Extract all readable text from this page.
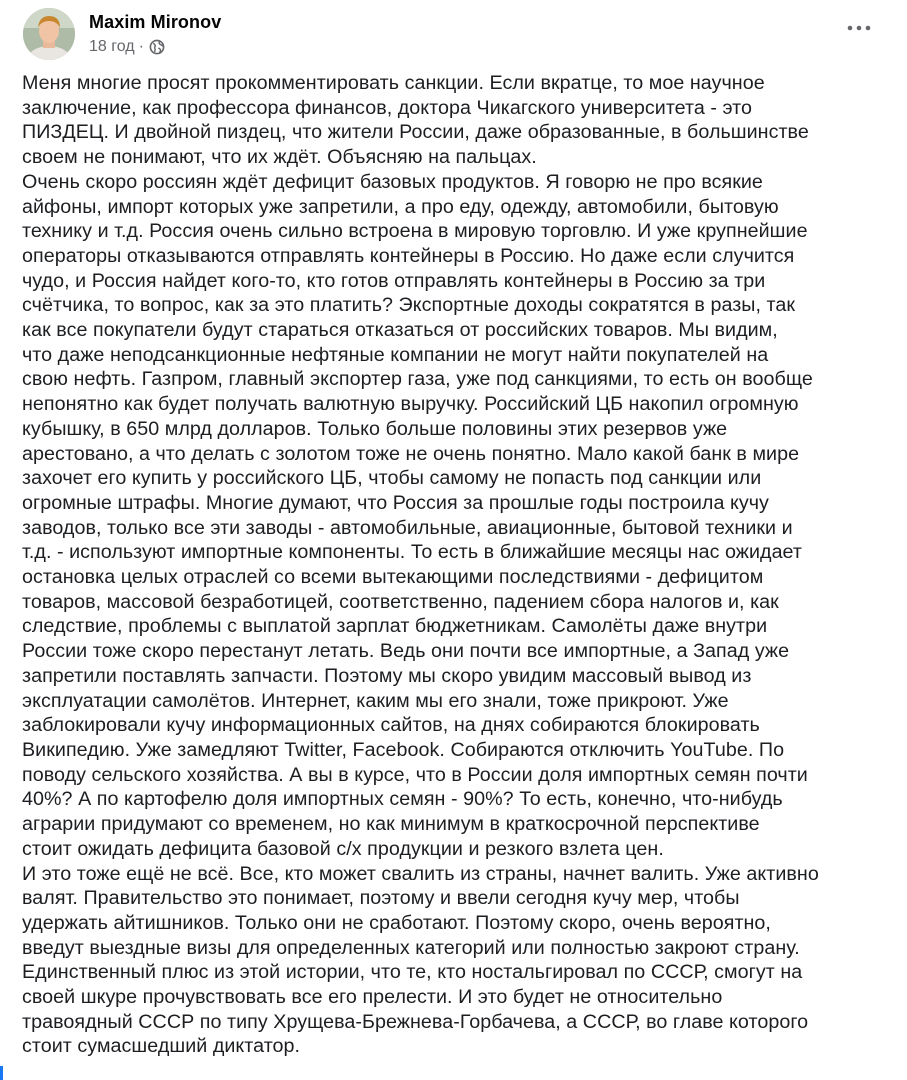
Maxim Mironov
18 год ·
Меня многие просят прокомментировать санкции. Если вкратце, то мое научное
заключение, как профессора финансов, доктора Чикагского университета - это
ПИЗДЕЦ. И двойной пиздец, что жители России, даже образованные, в большинстве
своем не понимают, что их ждёт. Объясняю на пальцах.
Очень скоро россиян ждёт дефицит базовых продуктов. Я говорю не про всякие
айфоны, импорт которых уже запретили, а про еду, одежду, автомобили, бытовую
технику и т.д. Россия очень сильно встроена в мировую торговлю. И уже крупнейшие
операторы отказываются отправлять контейнеры в Россию. Но даже если случится
чудо, и Россия найдет кого-то, кто готов отправлять контейнеры в Россию за три
счётчика, то вопрос, как за это платить? Экспортные доходы сократятся в разы, так
как все покупатели будут стараться отказаться от российских товаров. Мы видим,
что даже неподсанкционные нефтяные компании не могут найти покупателей на
свою нефть. Газпром, главный экспортер газа, уже под санкциями, то есть он вообще
непонятно как будет получать валютную выручку. Российский ЦБ накопил огромную
кубышку, в 650 млрд долларов. Только больше половины этих резервов уже
арестовано, а что делать с золотом тоже не очень понятно. Мало какой банк в мире
захочет его купить у российского ЦБ, чтобы самому не попасть под санкции или
огромные штрафы. Многие думают, что Россия за прошлые годы построила кучу
заводов, только все эти заводы - автомобильные, авиационные, бытовой техники и
т.д. - используют импортные компоненты. То есть в ближайшие месяцы нас ожидает
остановка целых отраслей со всеми вытекающими последствиями - дефицитом
товаров, массовой безработицей, соответственно, падением сбора налогов и, как
следствие, проблемы с выплатой зарплат бюджетникам. Самолёты даже внутри
России тоже скоро перестанут летать. Ведь они почти все импортные, а Запад уже
запретили поставлять запчасти. Поэтому мы скоро увидим массовый вывод из
эксплуатации самолётов. Интернет, каким мы его знали, тоже прикроют. Уже
заблокировали кучу информационных сайтов, на днях собираются блокировать
Википедию. Уже замедляют Twitter, Facebook. Собираются отключить YouTube. По
поводу сельского хозяйства. А вы в курсе, что в России доля импортных семян почти
40%? А по картофелю доля импортных семян - 90%? То есть, конечно, что-нибудь
аграрии придумают со временем, но как минимум в краткосрочной перспективе
стоит ожидать дефицита базовой с/х продукции и резкого взлета цен.
И это тоже ещё не всё. Все, кто может свалить из страны, начнет валить. Уже активно
валят. Правительство это понимает, поэтому и ввели сегодня кучу мер, чтобы
удержать айтишников. Только они не сработают. Поэтому скоро, очень вероятно,
введут выездные визы для определенных категорий или полностью закроют страну.
Единственный плюс из этой истории, что те, кто ностальгировал по СССР, смогут на
своей шкуре прочувствовать все его прелести. И это будет не относительно
травоядный СССР по типу Хрущева-Брежнева-Горбачева, а СССР, во главе которого
стоит сумасшедший диктатор.
